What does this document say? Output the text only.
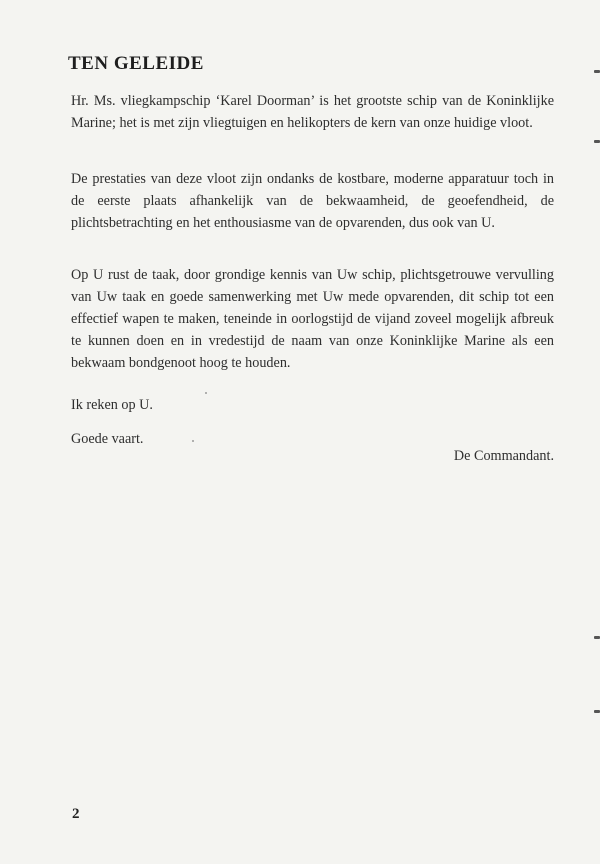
TEN GELEIDE

Hr. Ms. vliegkampschip ‘Karel Doorman’ is het grootste schip van de Koninklijke Marine; het is met zijn vliegtuigen en helikopters de kern van onze huidige vloot.

De prestaties van deze vloot zijn ondanks de kostbare, moderne apparatuur toch in de eerste plaats afhankelijk van de bekwaamheid, de geoefendheid, de plichtsbetrachting en het enthousiasme van de opvarenden, dus ook van U.

Op U rust de taak, door grondige kennis van Uw schip, plichtsgetrouwe vervulling van Uw taak en goede samenwerking met Uw mede opvarenden, dit schip tot een effectief wapen te maken, teneinde in oorlogstijd de vijand zoveel mogelijk afbreuk te kunnen doen en in vredestijd de naam van onze Koninklijke Marine als een bekwaam bondgenoot hoog te houden.

Ik reken op U.

Goede vaart.

De Commandant.

2
